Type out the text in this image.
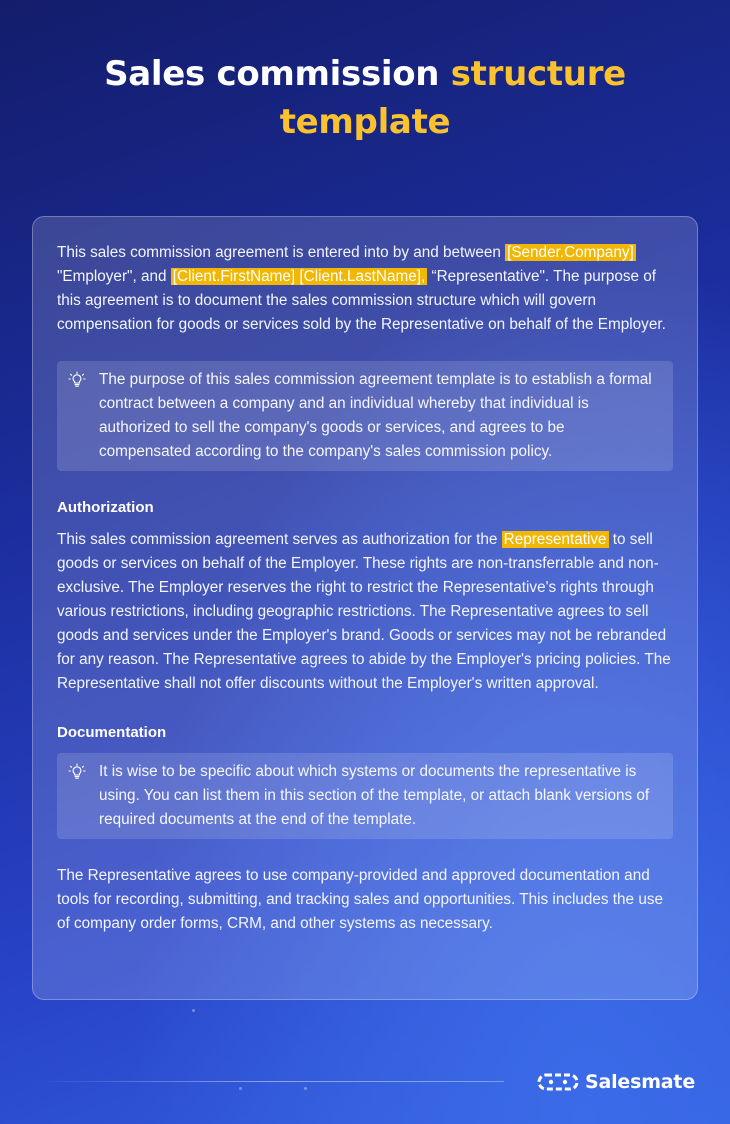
Sales commission structure
template

This sales commission agreement is entered into by and between [Sender.Company] "Employer", and [Client.FirstName] [Client.LastName], “Representative". The purpose of this agreement is to document the sales commission structure which will govern compensation for goods or services sold by the Representative on behalf of the Employer.

The purpose of this sales commission agreement template is to establish a formal contract between a company and an individual whereby that individual is authorized to sell the company's goods or services, and agrees to be compensated according to the company's sales commission policy.
Authorization

This sales commission agreement serves as authorization for the Representative to sell goods or services on behalf of the Employer. These rights are non-transferrable and non-exclusive. The Employer reserves the right to restrict the Representative's rights through various restrictions, including geographic restrictions. The Representative agrees to sell goods and services under the Employer's brand. Goods or services may not be rebranded for any reason. The Representative agrees to abide by the Employer's pricing policies. The Representative shall not offer discounts without the Employer's written approval.

Documentation
It is wise to be specific about which systems or documents the representative is using. You can list them in this section of the template, or attach blank versions of required documents at the end of the template.

The Representative agrees to use company-provided and approved documentation and tools for recording, submitting, and tracking sales and opportunities. This includes the use of company order forms, CRM, and other systems as necessary.

Salesmate
